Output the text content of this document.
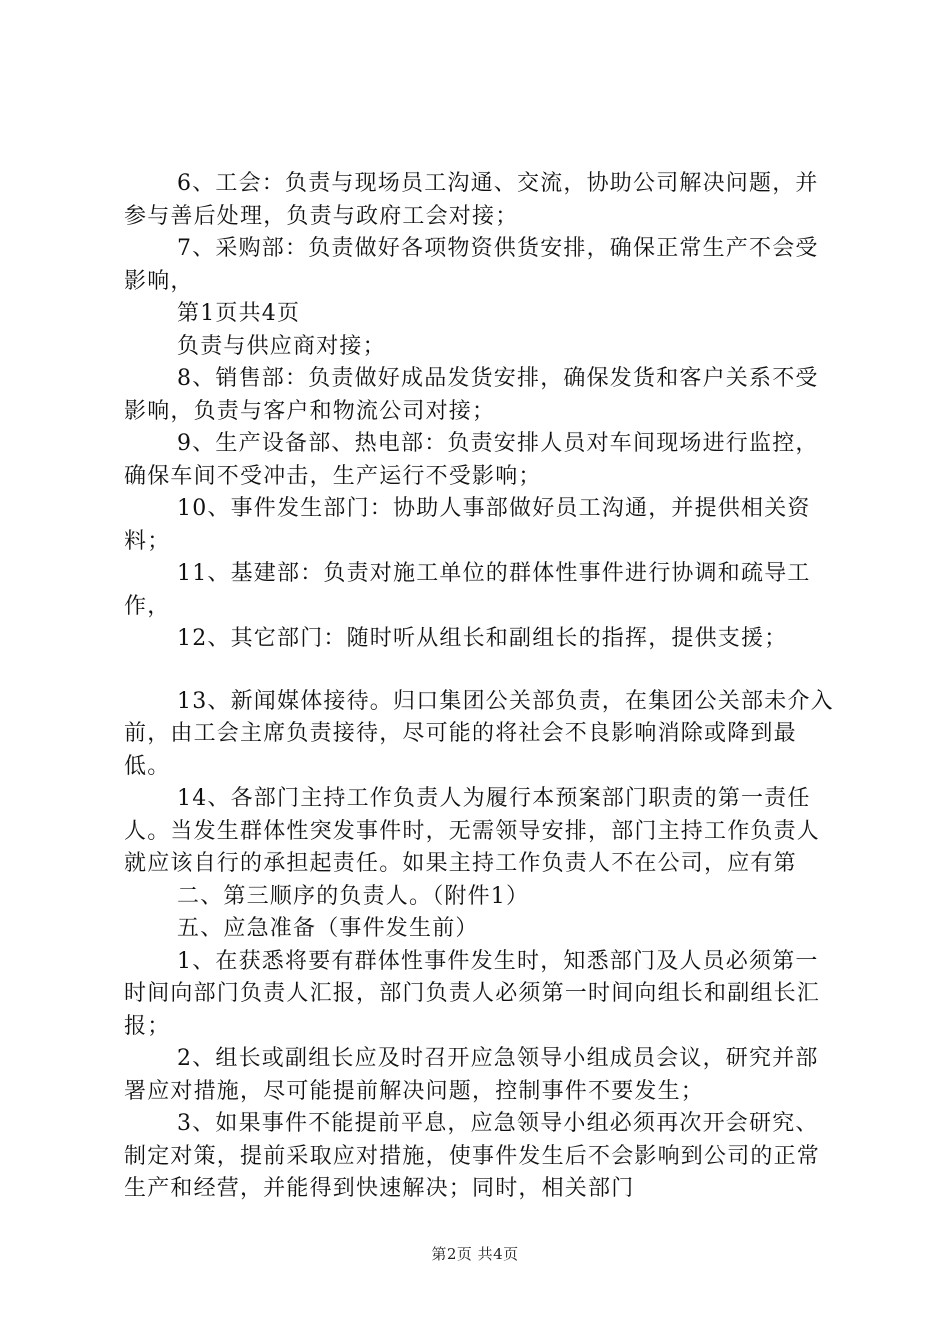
6、工会：负责与现场员工沟通、交流，协助公司解决问题，并参与善后处理，负责与政府工会对接；

7、采购部：负责做好各项物资供货安排，确保正常生产不会受影响，

第1页共4页

负责与供应商对接；

8、销售部：负责做好成品发货安排，确保发货和客户关系不受影响，负责与客户和物流公司对接；

9、生产设备部、热电部：负责安排人员对车间现场进行监控，确保车间不受冲击，生产运行不受影响；

10、事件发生部门：协助人事部做好员工沟通，并提供相关资料；

11、基建部：负责对施工单位的群体性事件进行协调和疏导工作，

12、其它部门：随时听从组长和副组长的指挥，提供支援；

13、新闻媒体接待。归口集团公关部负责，在集团公关部未介入前，由工会主席负责接待，尽可能的将社会不良影响消除或降到最低。

14、各部门主持工作负责人为履行本预案部门职责的第一责任人。当发生群体性突发事件时，无需领导安排，部门主持工作负责人就应该自行的承担起责任。如果主持工作负责人不在公司，应有第

二、第三顺序的负责人。（附件1）

五、应急准备（事件发生前）

1、在获悉将要有群体性事件发生时，知悉部门及人员必须第一时间向部门负责人汇报，部门负责人必须第一时间向组长和副组长汇报；

2、组长或副组长应及时召开应急领导小组成员会议，研究并部署应对措施，尽可能提前解决问题，控制事件不要发生；

3、如果事件不能提前平息，应急领导小组必须再次开会研究、制定对策，提前采取应对措施，使事件发生后不会影响到公司的正常生产和经营，并能得到快速解决；同时，相关部门

第2页 共4页
